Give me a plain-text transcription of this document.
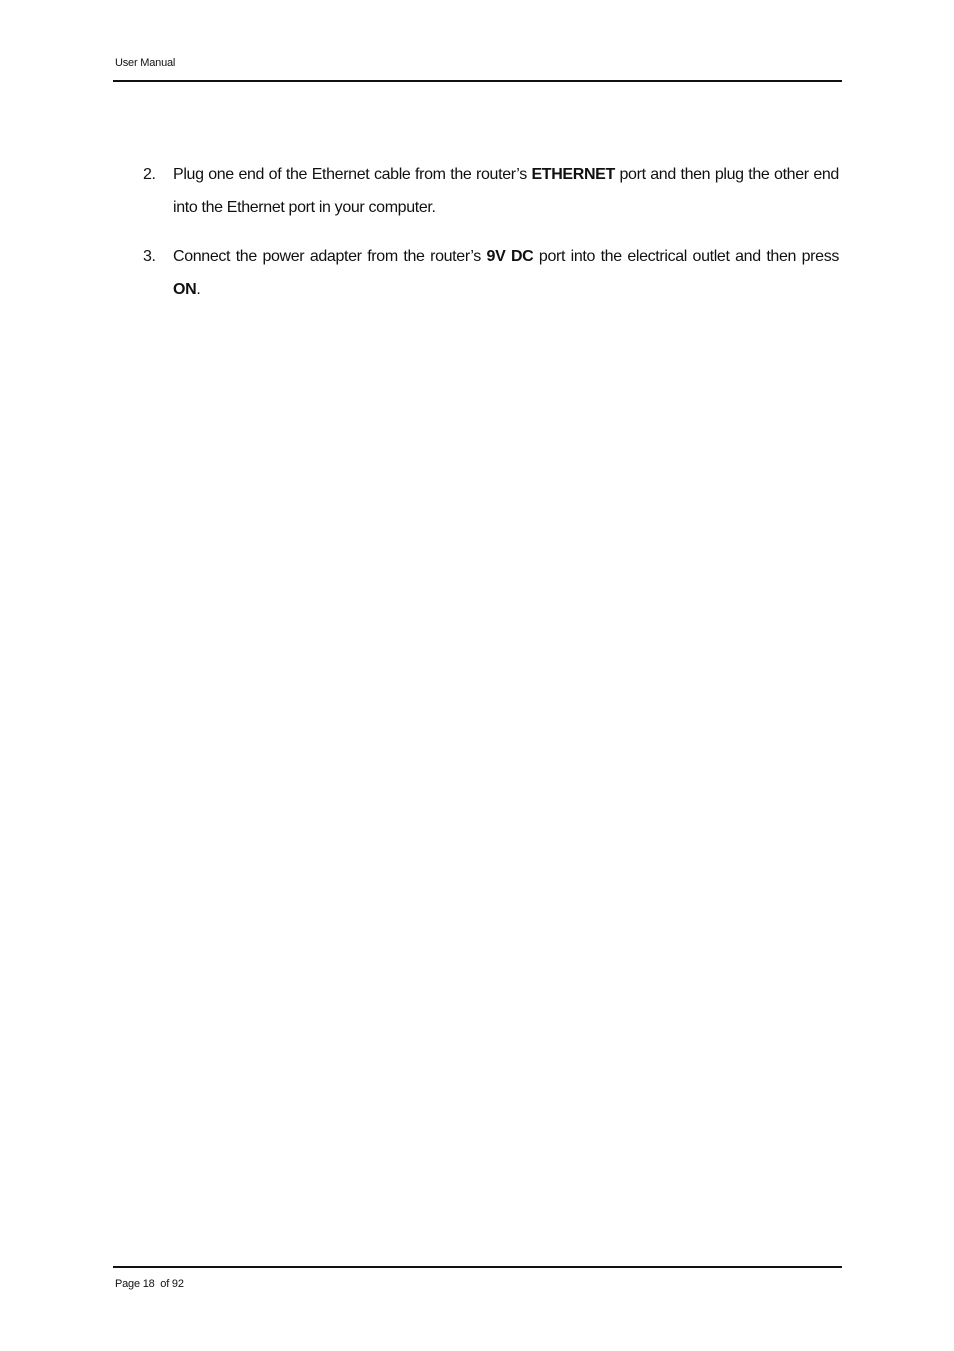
User Manual
2. Plug one end of the Ethernet cable from the router’s ETHERNET port and then plug the other end into the Ethernet port in your computer.
3. Connect the power adapter from the router’s 9V DC port into the electrical outlet and then press ON.
Page 18  of 92
